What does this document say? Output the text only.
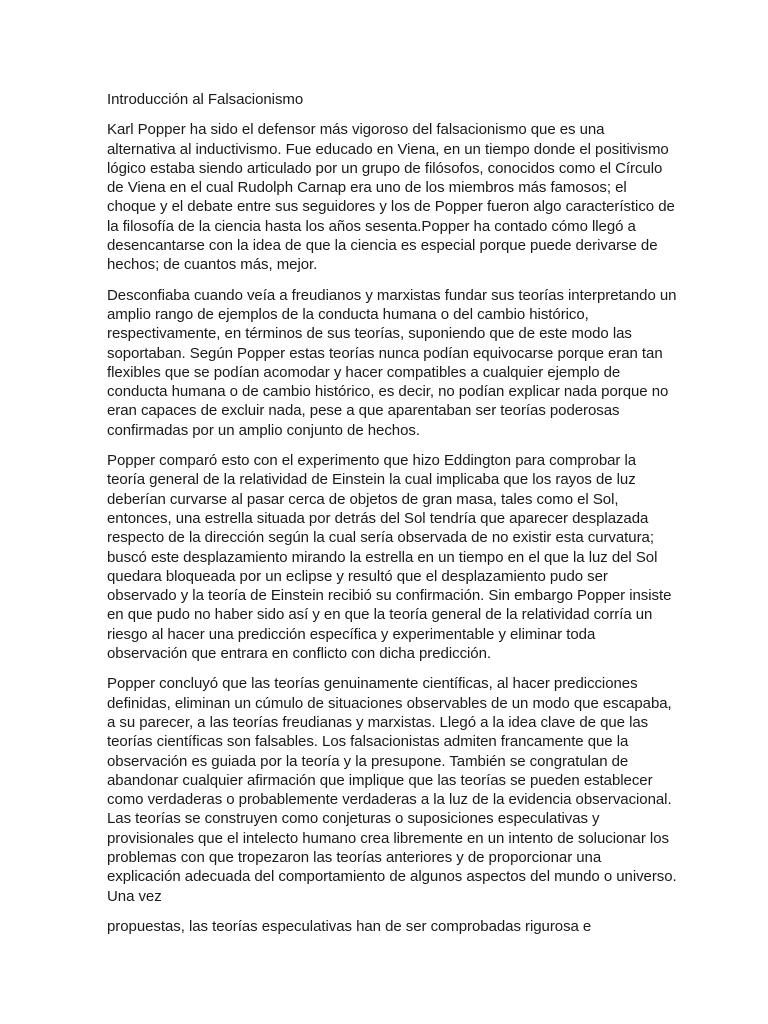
Introducción al Falsacionismo

Karl Popper ha sido el defensor más vigoroso del falsacionismo que es una alternativa al inductivismo. Fue educado en Viena, en un tiempo donde el positivismo lógico estaba siendo articulado por un grupo de filósofos, conocidos como el Círculo de Viena en el cual Rudolph Carnap era uno de los miembros más famosos; el choque y el debate entre sus seguidores y los de Popper fueron algo característico de la filosofía de la ciencia hasta los años sesenta.Popper ha contado cómo llegó a desencantarse con la idea de que la ciencia es especial porque puede derivarse de hechos; de cuantos más, mejor.

Desconfiaba cuando veía a freudianos y marxistas fundar sus teorías interpretando un amplio rango de ejemplos de la conducta humana o del cambio histórico, respectivamente, en términos de sus teorías, suponiendo que de este modo las soportaban. Según Popper estas teorías nunca podían equivocarse porque eran tan flexibles que se podían acomodar y hacer compatibles a cualquier ejemplo de conducta humana o de cambio histórico, es decir, no podían explicar nada porque no eran capaces de excluir nada, pese a que aparentaban ser teorías poderosas confirmadas por un amplio conjunto de hechos.

Popper comparó esto con el experimento que hizo Eddington para comprobar la teoría general de la relatividad de Einstein la cual implicaba que los rayos de luz deberían curvarse al pasar cerca de objetos de gran masa, tales como el Sol, entonces, una estrella situada por detrás del Sol tendría que aparecer desplazada respecto de la dirección según la cual sería observada de no existir esta curvatura; buscó este desplazamiento mirando la estrella en un tiempo en el que la luz del Sol quedara bloqueada por un eclipse y resultó que el desplazamiento pudo ser observado y la teoría de Einstein recibió su confirmación. Sin embargo Popper insiste en que pudo no haber sido así y en que la teoría general de la relatividad corría un riesgo al hacer una predicción específica y experimentable y eliminar toda observación que entrara en conflicto con dicha predicción.

Popper concluyó que las teorías genuinamente científicas, al hacer predicciones definidas, eliminan un cúmulo de situaciones observables de un modo que escapaba, a su parecer, a las teorías freudianas y marxistas. Llegó a la idea clave de que las teorías científicas son falsables. Los falsacionistas admiten francamente que la observación es guiada por la teoría y la presupone. También se congratulan de abandonar cualquier afirmación que implique que las teorías se pueden establecer como verdaderas o probablemente verdaderas a la luz de la evidencia observacional. Las teorías se construyen como conjeturas o suposiciones especulativas y provisionales que el intelecto humano crea libremente en un intento de solucionar los problemas con que tropezaron las teorías anteriores y de proporcionar una explicación adecuada del comportamiento de algunos aspectos del mundo o universo. Una vez

propuestas, las teorías especulativas han de ser comprobadas rigurosa e
